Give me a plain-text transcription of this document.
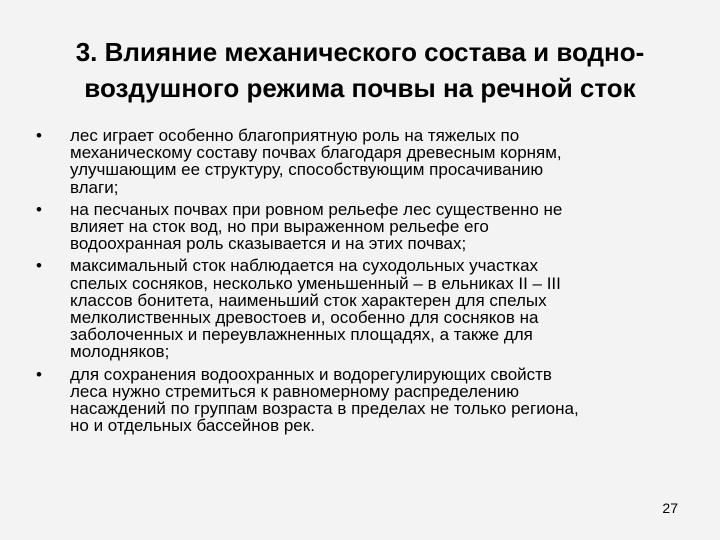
3. Влияние механического состава и водно-
воздушного режима почвы на речной сток
• лес играет особенно благоприятную роль на тяжелых по
механическому составу почвах благодаря древесным корням,
улучшающим ее структуру, способствующим просачиванию
влаги;
• на песчаных почвах при ровном рельефе лес существенно не
влияет на сток вод, но при выраженном рельефе его
водоохранная роль сказывается и на этих почвах;
• максимальный сток наблюдается на суходольных участках
спелых сосняков, несколько уменьшенный – в ельниках II – III
классов бонитета, наименьший сток характерен для спелых
мелколиственных древостоев и, особенно для сосняков на
заболоченных и переувлажненных площадях, а также для
молодняков;
• для сохранения водоохранных и водорегулирующих свойств
леса нужно стремиться к равномерному распределению
насаждений по группам возраста в пределах не только региона,
но и отдельных бассейнов рек.
27
